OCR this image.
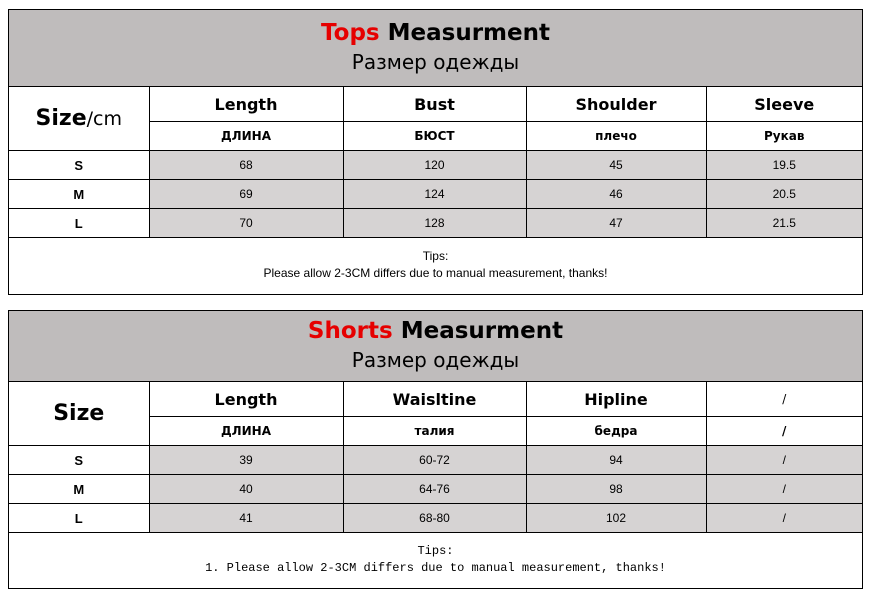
Tops Measurment
Размер одежды
Size/cm	Length	Bust	Shoulder	Sleeve
	ДЛИНА	БЮСТ	плечо	Рукав
S	68	120	45	19.5
M	69	124	46	20.5
L	70	128	47	21.5

Tips:
Please allow 2-3CM differs due to manual measurement, thanks!				
Shorts Measurment
Размер одежды
Size	Length	Waisltine	Hipline	/
	ДЛИНА	талия	бедра	/
S	39	60-72	94	/
M	40	64-76	98	/
L	41	68-80	102	/

Tips:
1. Please allow 2-3CM differs due to manual measurement, thanks!				
